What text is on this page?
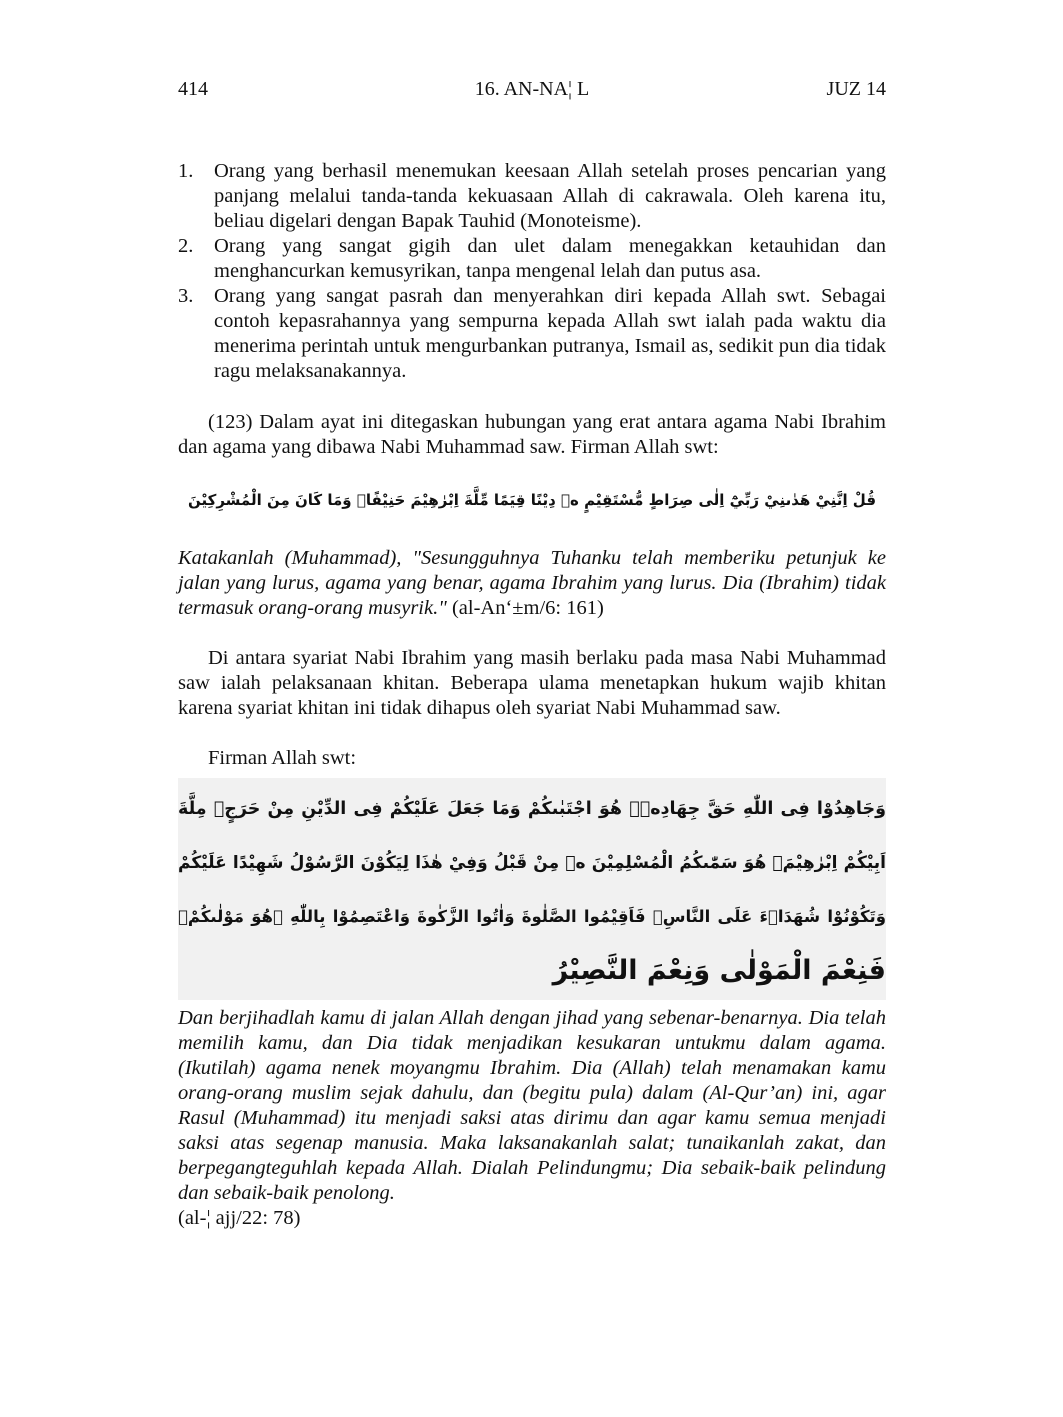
414	16. AN-NA¦ L	JUZ 14
1. Orang yang berhasil menemukan keesaan Allah setelah proses pencarian yang panjang melalui tanda-tanda kekuasaan Allah di cakrawala. Oleh karena itu, beliau digelari dengan Bapak Tauhid (Monoteisme).
2. Orang yang sangat gigih dan ulet dalam menegakkan ketauhidan dan menghancurkan kemusyrikan, tanpa mengenal lelah dan putus asa.
3. Orang yang sangat pasrah dan menyerahkan diri kepada Allah swt. Sebagai contoh kepasrahannya yang sempurna kepada Allah swt ialah pada waktu dia menerima perintah untuk mengurbankan putranya, Ismail as, sedikit pun dia tidak ragu melaksanakannya.

(123) Dalam ayat ini ditegaskan hubungan yang erat antara agama Nabi Ibrahim dan agama yang dibawa Nabi Muhammad saw. Firman Allah swt:

قُلْ اِنَّنِيْ هَدٰىنِيْ رَبِّيْٓ اِلٰى صِرَاطٍ مُّسْتَقِيْمٍ ەۚ دِيْنًا قِيَمًا مِّلَّةَ اِبْرٰهِيْمَ حَنِيْفًاۚ وَمَا كَانَ مِنَ الْمُشْرِكِيْنَ

Katakanlah (Muhammad), "Sesungguhnya Tuhanku telah memberiku petunjuk ke jalan yang lurus, agama yang benar, agama Ibrahim yang lurus. Dia (Ibrahim) tidak termasuk orang-orang musyrik." (al-An‘±m/6: 161)

Di antara syariat Nabi Ibrahim yang masih berlaku pada masa Nabi Muhammad saw ialah pelaksanaan khitan. Beberapa ulama menetapkan hukum wajib khitan karena syariat khitan ini tidak dihapus oleh syariat Nabi Muhammad saw.

Firman Allah swt:

وَجَاهِدُوْا فِى اللّٰهِ حَقَّ جِهَادِهٖۗ هُوَ اجْتَبٰىكُمْ وَمَا جَعَلَ عَلَيْكُمْ فِى الدِّيْنِ مِنْ حَرَجٍۗ مِلَّةَ
اَبِيْكُمْ اِبْرٰهِيْمَۗ هُوَ سَمّٰىكُمُ الْمُسْلِمِيْنَ ەۙ مِنْ قَبْلُ وَفِيْ هٰذَا لِيَكُوْنَ الرَّسُوْلُ شَهِيْدًا عَلَيْكُمْ
وَتَكُوْنُوْا شُهَدَاۤءَ عَلَى النَّاسِۖ فَاَقِيْمُوا الصَّلٰوةَ وَاٰتُوا الزَّكٰوةَ وَاعْتَصِمُوْا بِاللّٰهِ ۗهُوَ مَوْلٰىكُمْۚ
فَنِعْمَ الْمَوْلٰى وَنِعْمَ النَّصِيْرُ

Dan berjihadlah kamu di jalan Allah dengan jihad yang sebenar-benarnya. Dia telah memilih kamu, dan Dia tidak menjadikan kesukaran untukmu dalam agama. (Ikutilah) agama nenek moyangmu Ibrahim. Dia (Allah) telah menamakan kamu orang-orang muslim sejak dahulu, dan (begitu pula) dalam (Al-Qur’an) ini, agar Rasul (Muhammad) itu menjadi saksi atas dirimu dan agar kamu semua menjadi saksi atas segenap manusia. Maka laksanakanlah salat; tunaikanlah zakat, dan berpegangteguhlah kepada Allah. Dialah Pelindungmu; Dia sebaik-baik pelindung dan sebaik-baik penolong.
(al-¦ ajj/22: 78)
